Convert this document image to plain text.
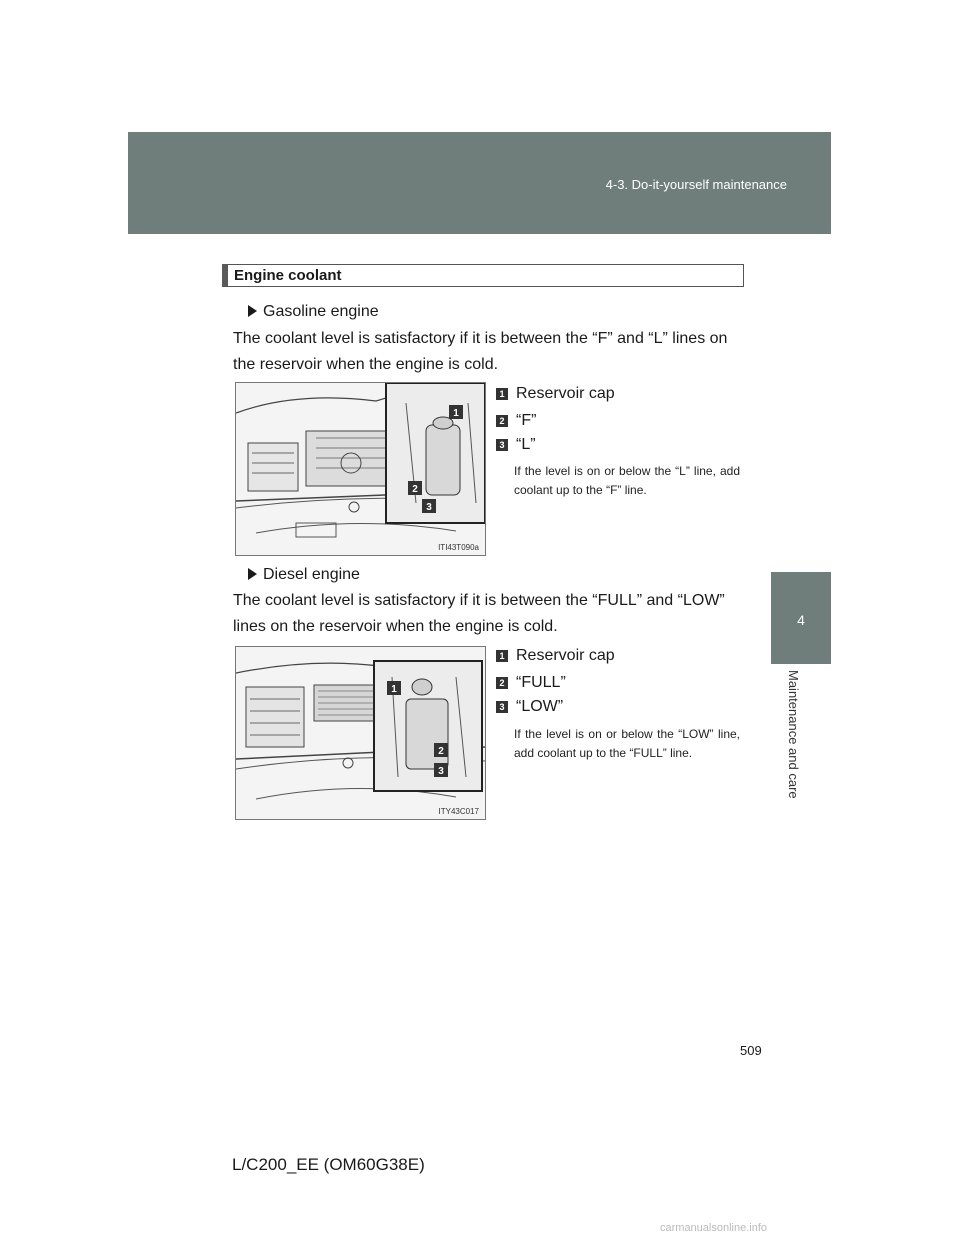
4-3. Do-it-yourself maintenance
4
Maintenance and care
Engine coolant
Gasoline engine
The coolant level is satisfactory if it is between the “F” and “L” lines on the reservoir when the engine is cold.
1
2
3
ITI43T090a
1 Reservoir cap
2 “F”
3 “L”
If the level is on or below the “L” line, add coolant up to the “F” line.
Diesel engine
The coolant level is satisfactory if it is between the “FULL” and “LOW” lines on the reservoir when the engine is cold.
1
2
3
ITY43C017
1 Reservoir cap
2 “FULL”
3 “LOW”
If the level is on or below the “LOW” line, add coolant up to the “FULL” line.
509
L/C200_EE (OM60G38E)
carmanualsonline.info
